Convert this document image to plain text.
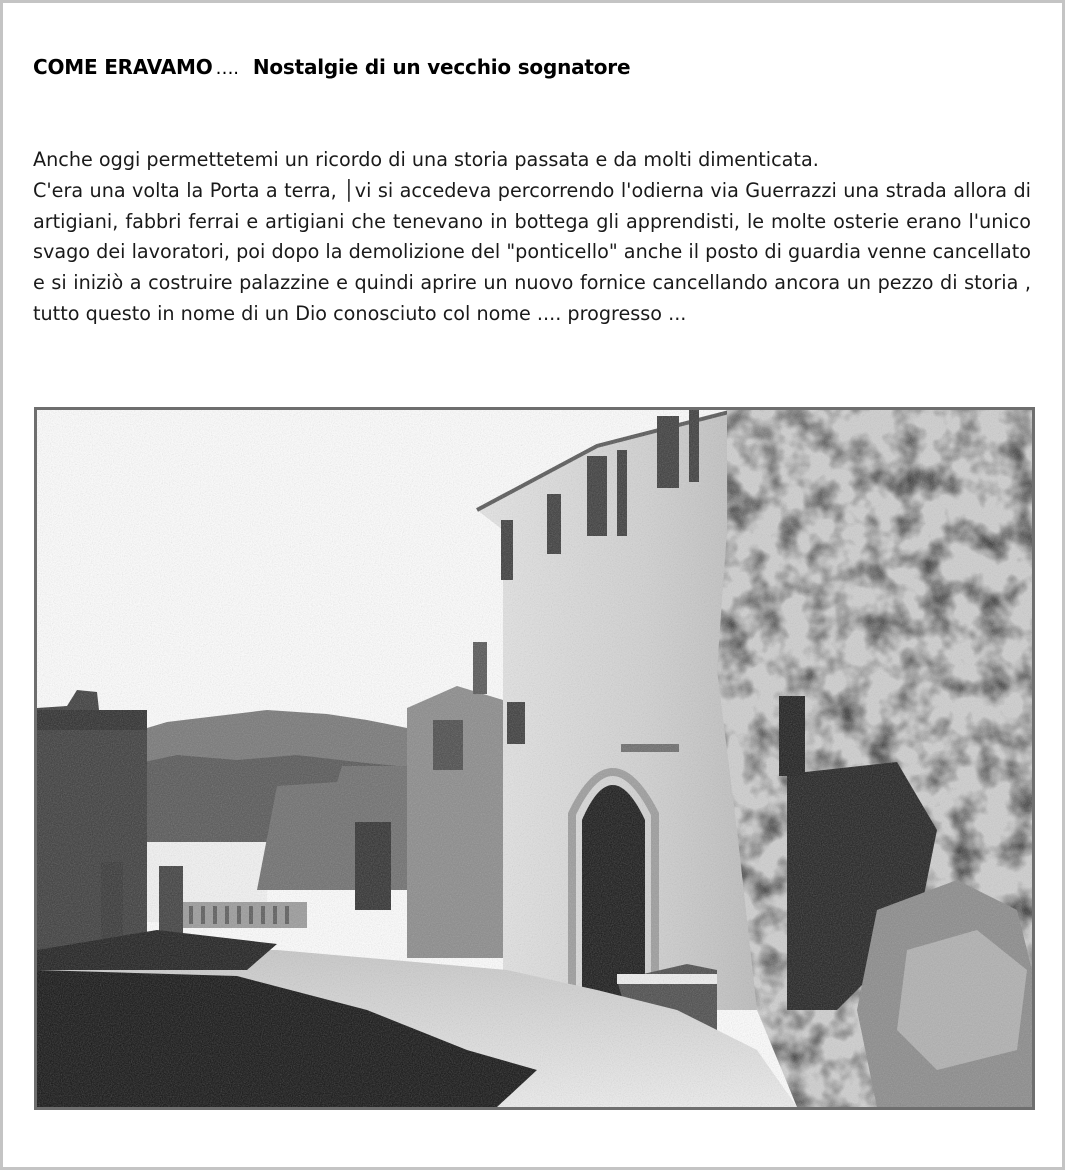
COME ERAVAMO …. Nostalgie di un vecchio sognatore

Anche oggi permettetemi un ricordo di una storia passata e da molti dimenticata.

C'era una volta la Porta a terra, │vi si accedeva percorrendo l'odierna via Guerrazzi una strada allora di artigiani, fabbri ferrai e artigiani che tenevano in bottega gli apprendisti, le molte osterie erano l'unico svago dei lavoratori, poi dopo la demolizione del "ponticello" anche il posto di guardia venne cancellato e si iniziò a costruire palazzine e quindi aprire un nuovo fornice cancellando ancora un pezzo di storia , tutto questo in nome di un Dio conosciuto col nome .... progresso ...
